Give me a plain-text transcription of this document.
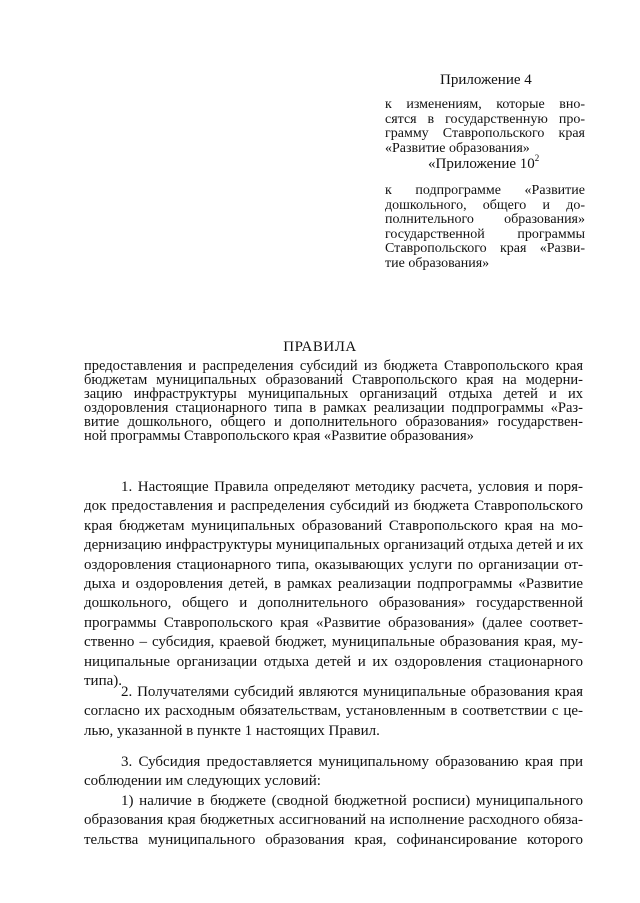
Приложение 4
к изменениям, которые вно-
сятся в государственную про-
грамму Ставропольского края
«Развитие образования»
«Приложение $10^2$
к подпрограмме «Развитие
дошкольного, общего и до-
полнительного образования»
государственной программы
Ставропольского края «Разви-
тие образования»
ПРАВИЛА
предоставления и распределения субсидий из бюджета Ставропольского края
бюджетам муниципальных образований Ставропольского края на модерни-
зацию инфраструктуры муниципальных организаций отдыха детей и их
оздоровления стационарного типа в рамках реализации подпрограммы «Раз-
витие дошкольного, общего и дополнительного образования» государствен-
ной программы Ставропольского края «Развитие образования»
1. Настоящие Правила определяют методику расчета, условия и поря-
док предоставления и распределения субсидий из бюджета Ставропольского
края бюджетам муниципальных образований Ставропольского края на мо-
дернизацию инфраструктуры муниципальных организаций отдыха детей и их
оздоровления стационарного типа, оказывающих услуги по организации от-
дыха и оздоровления детей, в рамках реализации подпрограммы «Развитие
дошкольного, общего и дополнительного образования» государственной
программы Ставропольского края «Развитие образования» (далее соответ-
ственно – субсидия, краевой бюджет, муниципальные образования края, му-
ниципальные организации отдыха детей и их оздоровления стационарного
типа).
2. Получателями субсидий являются муниципальные образования края
согласно их расходным обязательствам, установленным в соответствии с це-
лью, указанной в пункте 1 настоящих Правил.
3. Субсидия предоставляется муниципальному образованию края при
соблюдении им следующих условий:
1) наличие в бюджете (сводной бюджетной росписи) муниципального
образования края бюджетных ассигнований на исполнение расходного обяза-
тельства муниципального образования края, софинансирование которого
